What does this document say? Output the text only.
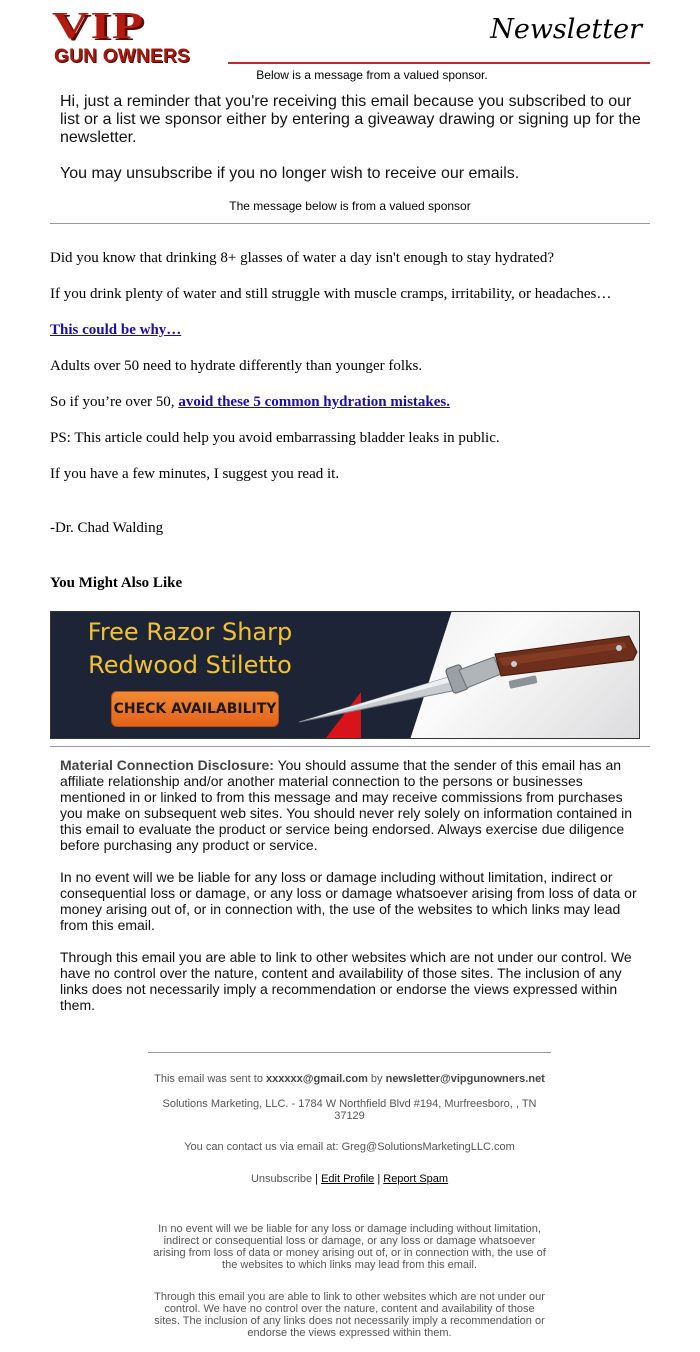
VIP
GUN OWNERS
Newsletter
Below is a message from a valued sponsor.

Hi, just a reminder that you're receiving this email because you subscribed to our list or a list we sponsor either by entering a giveaway drawing or signing up for the newsletter.

You may unsubscribe if you no longer wish to receive our emails.

The message below is from a valued sponsor

Did you know that drinking 8+ glasses of water a day isn't enough to stay hydrated?

If you drink plenty of water and still struggle with muscle cramps, irritability, or headaches…

This could be why…

Adults over 50 need to hydrate differently than younger folks.

So if you’re over 50, avoid these 5 common hydration mistakes.

PS: This article could help you avoid embarrassing bladder leaks in public.

If you have a few minutes, I suggest you read it.

-Dr. Chad Walding

You Might Also Like
Free Razor Sharp
Redwood Stiletto
CHECK AVAILABILITY

Material Connection Disclosure: You should assume that the sender of this email has an affiliate relationship and/or another material connection to the persons or businesses mentioned in or linked to from this message and may receive commissions from purchases you make on subsequent web sites. You should never rely solely on information contained in this email to evaluate the product or service being endorsed. Always exercise due diligence before purchasing any product or service.

In no event will we be liable for any loss or damage including without limitation, indirect or consequential loss or damage, or any loss or damage whatsoever arising from loss of data or money arising out of, or in connection with, the use of the websites to which links may lead from this email.

Through this email you are able to link to other websites which are not under our control. We have no control over the nature, content and availability of those sites. The inclusion of any links does not necessarily imply a recommendation or endorse the views expressed within them.

This email was sent to xxxxxx@gmail.com by newsletter@vipgunowners.net
Solutions Marketing, LLC. - 1784 W Northfield Blvd #194, Murfreesboro, , TN 37129
You can contact us via email at: Greg@SolutionsMarketingLLC.com
Unsubscribe | Edit Profile | Report Spam
In no event will we be liable for any loss or damage including without limitation, indirect or consequential loss or damage, or any loss or damage whatsoever arising from loss of data or money arising out of, or in connection with, the use of the websites to which links may lead from this email.
Through this email you are able to link to other websites which are not under our control. We have no control over the nature, content and availability of those sites. The inclusion of any links does not necessarily imply a recommendation or endorse the views expressed within them.
